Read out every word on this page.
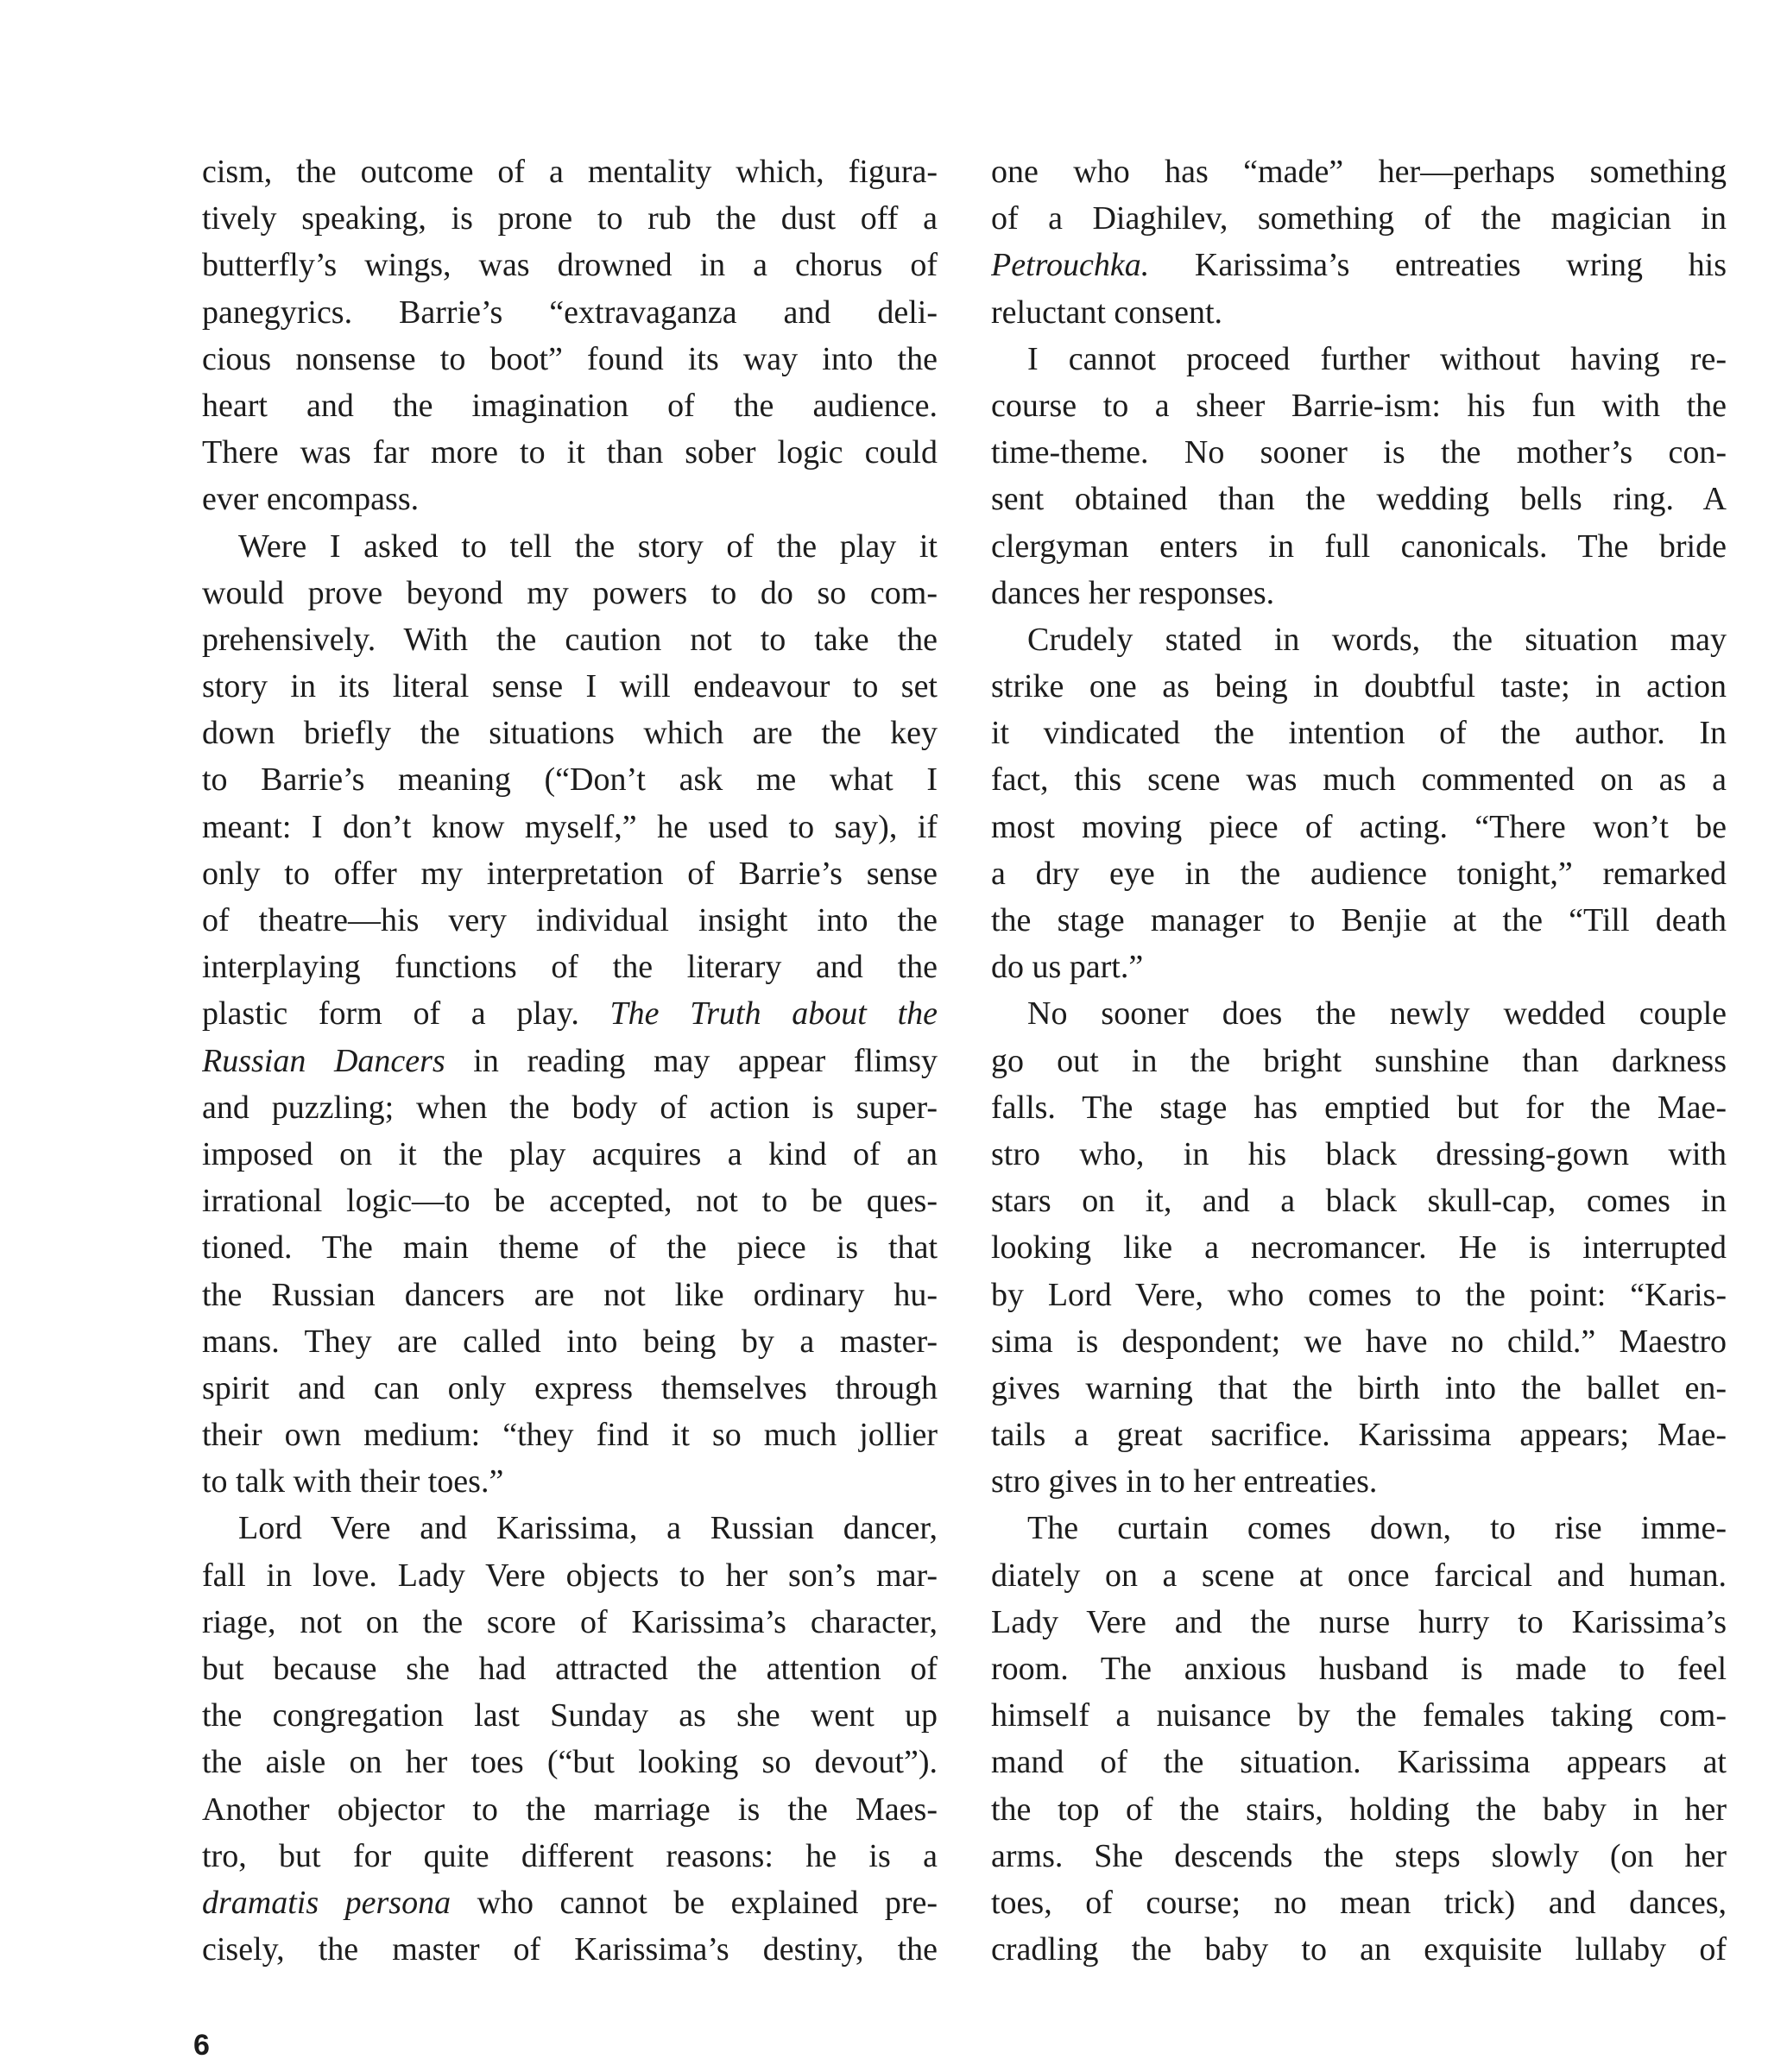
cism, the outcome of a mentality which, figura-
tively speaking, is prone to rub the dust off a
butterfly’s wings, was drowned in a chorus of
panegyrics. Barrie’s “extravaganza and deli-
cious nonsense to boot” found its way into the
heart and the imagination of the audience.
There was far more to it than sober logic could
ever encompass.
Were I asked to tell the story of the play it
would prove beyond my powers to do so com-
prehensively. With the caution not to take the
story in its literal sense I will endeavour to set
down briefly the situations which are the key
to Barrie’s meaning (“Don’t ask me what I
meant: I don’t know myself,” he used to say), if
only to offer my interpretation of Barrie’s sense
of theatre—his very individual insight into the
interplaying functions of the literary and the
plastic form of a play. The Truth about the
Russian Dancers in reading may appear flimsy
and puzzling; when the body of action is super-
imposed on it the play acquires a kind of an
irrational logic—to be accepted, not to be ques-
tioned. The main theme of the piece is that
the Russian dancers are not like ordinary hu-
mans. They are called into being by a master-
spirit and can only express themselves through
their own medium: “they find it so much jollier
to talk with their toes.”
Lord Vere and Karissima, a Russian dancer,
fall in love. Lady Vere objects to her son’s mar-
riage, not on the score of Karissima’s character,
but because she had attracted the attention of
the congregation last Sunday as she went up
the aisle on her toes (“but looking so devout”).
Another objector to the marriage is the Maes-
tro, but for quite different reasons: he is a
dramatis persona who cannot be explained pre-
cisely, the master of Karissima’s destiny, the
one who has “made” her—perhaps something
of a Diaghilev, something of the magician in
Petrouchka. Karissima’s entreaties wring his
reluctant consent.
I cannot proceed further without having re-
course to a sheer Barrie-ism: his fun with the
time-theme. No sooner is the mother’s con-
sent obtained than the wedding bells ring. A
clergyman enters in full canonicals. The bride
dances her responses.
Crudely stated in words, the situation may
strike one as being in doubtful taste; in action
it vindicated the intention of the author. In
fact, this scene was much commented on as a
most moving piece of acting. “There won’t be
a dry eye in the audience tonight,” remarked
the stage manager to Benjie at the “Till death
do us part.”
No sooner does the newly wedded couple
go out in the bright sunshine than darkness
falls. The stage has emptied but for the Mae-
stro who, in his black dressing-gown with
stars on it, and a black skull-cap, comes in
looking like a necromancer. He is interrupted
by Lord Vere, who comes to the point: “Karis-
sima is despondent; we have no child.” Maestro
gives warning that the birth into the ballet en-
tails a great sacrifice. Karissima appears; Mae-
stro gives in to her entreaties.
The curtain comes down, to rise imme-
diately on a scene at once farcical and human.
Lady Vere and the nurse hurry to Karissima’s
room. The anxious husband is made to feel
himself a nuisance by the females taking com-
mand of the situation. Karissima appears at
the top of the stairs, holding the baby in her
arms. She descends the steps slowly (on her
toes, of course; no mean trick) and dances,
cradling the baby to an exquisite lullaby of
6
